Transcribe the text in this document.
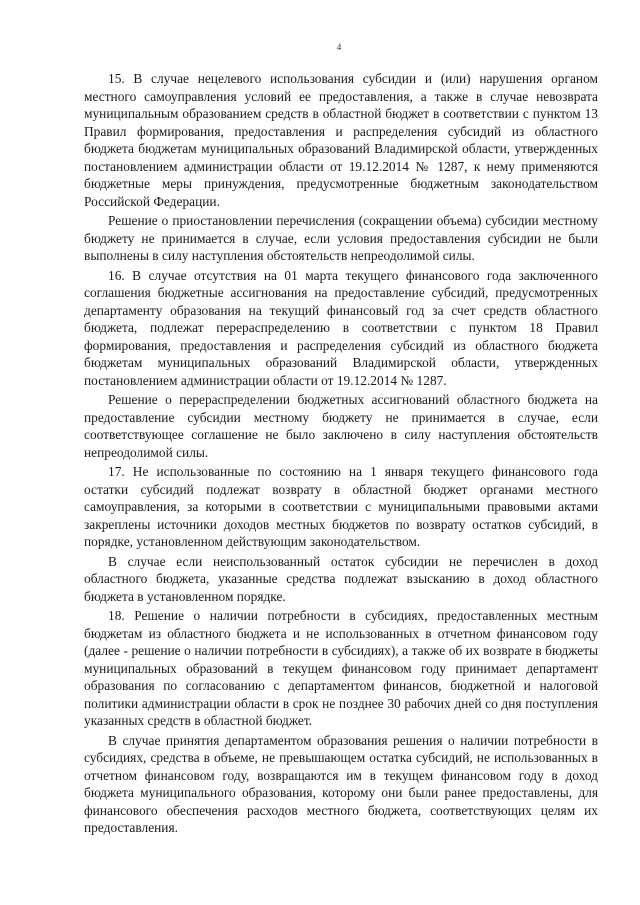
4

15. В случае нецелевого использования субсидии и (или) нарушения органом местного самоуправления условий ее предоставления, а также в случае невозврата муниципальным образованием средств в областной бюджет в соответствии с пунктом 13 Правил формирования, предоставления и распределения субсидий из областного бюджета бюджетам муниципальных образований Владимирской области, утвержденных постановлением администрации области от 19.12.2014 № 1287, к нему применяются бюджетные меры принуждения, предусмотренные бюджетным законодательством Российской Федерации.

Решение о приостановлении перечисления (сокращении объема) субсидии местному бюджету не принимается в случае, если условия предоставления субсидии не были выполнены в силу наступления обстоятельств непреодолимой силы.

16. В случае отсутствия на 01 марта текущего финансового года заключенного соглашения бюджетные ассигнования на предоставление субсидий, предусмотренных департаменту образования на текущий финансовый год за счет средств областного бюджета, подлежат перераспределению в соответствии с пунктом 18 Правил формирования, предоставления и распределения субсидий из областного бюджета бюджетам муниципальных образований Владимирской области, утвержденных постановлением администрации области от 19.12.2014 № 1287.

Решение о перераспределении бюджетных ассигнований областного бюджета на предоставление субсидии местному бюджету не принимается в случае, если соответствующее соглашение не было заключено в силу наступления обстоятельств непреодолимой силы.

17. Не использованные по состоянию на 1 января текущего финансового года остатки субсидий подлежат возврату в областной бюджет органами местного самоуправления, за которыми в соответствии с муниципальными правовыми актами закреплены источники доходов местных бюджетов по возврату остатков субсидий, в порядке, установленном действующим законодательством.

В случае если неиспользованный остаток субсидии не перечислен в доход областного бюджета, указанные средства подлежат взысканию в доход областного бюджета в установленном порядке.

18. Решение о наличии потребности в субсидиях, предоставленных местным бюджетам из областного бюджета и не использованных в отчетном финансовом году (далее - решение о наличии потребности в субсидиях), а также об их возврате в бюджеты муниципальных образований в текущем финансовом году принимает департамент образования по согласованию с департаментом финансов, бюджетной и налоговой политики администрации области в срок не позднее 30 рабочих дней со дня поступления указанных средств в областной бюджет.

В случае принятия департаментом образования решения о наличии потребности в субсидиях, средства в объеме, не превышающем остатка субсидий, не использованных в отчетном финансовом году, возвращаются им в текущем финансовом году в доход бюджета муниципального образования, которому они были ранее предоставлены, для финансового обеспечения расходов местного бюджета, соответствующих целям их предоставления.
